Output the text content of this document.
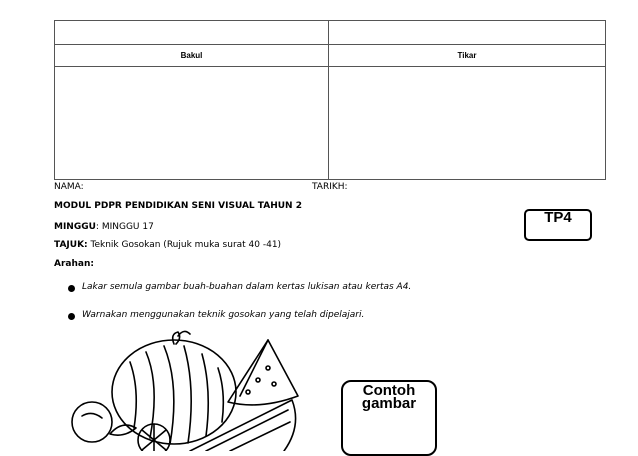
Bakul	Tikar

NAMA:	TARIKH:
MODUL PDPR PENDIDIKAN SENI VISUAL TAHUN 2
MINGGU: MINGGU 17
TAJUK: Teknik Gosokan (Rujuk muka surat 40 -41)
Arahan:
TP4
Lakar semula gambar buah-buahan dalam kertas lukisan atau kertas A4.
Warnakan menggunakan teknik gosokan yang telah dipelajari.
Contoh
gambar
